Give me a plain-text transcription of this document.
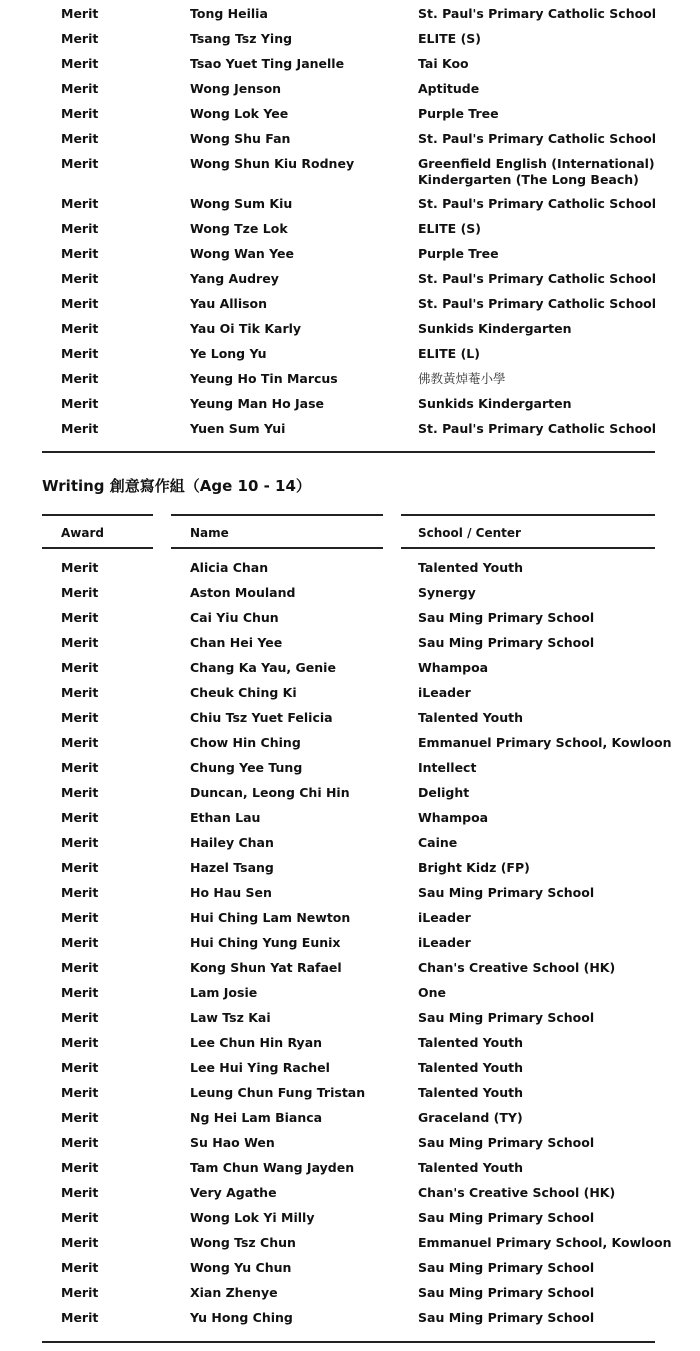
Merit	Tong Heilia	St. Paul's Primary Catholic School
Merit	Tsang Tsz Ying	ELITE (S)
Merit	Tsao Yuet Ting Janelle	Tai Koo
Merit	Wong Jenson	Aptitude
Merit	Wong Lok Yee	Purple Tree
Merit	Wong Shu Fan	St. Paul's Primary Catholic School
Merit	Wong Shun Kiu Rodney	Greenfield English (International) Kindergarten (The Long Beach)
Merit	Wong Sum Kiu	St. Paul's Primary Catholic School
Merit	Wong Tze Lok	ELITE (S)
Merit	Wong Wan Yee	Purple Tree
Merit	Yang Audrey	St. Paul's Primary Catholic School
Merit	Yau Allison	St. Paul's Primary Catholic School
Merit	Yau Oi Tik Karly	Sunkids Kindergarten
Merit	Ye Long Yu	ELITE (L)
Merit	Yeung Ho Tin Marcus	佛教黃焯菴小學
Merit	Yeung Man Ho Jase	Sunkids Kindergarten
Merit	Yuen Sum Yui	St. Paul's Primary Catholic School
Writing 創意寫作組（Age 10 - 14）
Award	Name	School / Center
Merit	Alicia Chan	Talented Youth
Merit	Aston Mouland	Synergy
Merit	Cai Yiu Chun	Sau Ming Primary School
Merit	Chan Hei Yee	Sau Ming Primary School
Merit	Chang Ka Yau, Genie	Whampoa
Merit	Cheuk Ching Ki	iLeader
Merit	Chiu Tsz Yuet Felicia	Talented Youth
Merit	Chow Hin Ching	Emmanuel Primary School, Kowloon
Merit	Chung Yee Tung	Intellect
Merit	Duncan, Leong Chi Hin	Delight
Merit	Ethan Lau	Whampoa
Merit	Hailey Chan	Caine
Merit	Hazel Tsang	Bright Kidz (FP)
Merit	Ho Hau Sen	Sau Ming Primary School
Merit	Hui Ching Lam Newton	iLeader
Merit	Hui Ching Yung Eunix	iLeader
Merit	Kong Shun Yat Rafael	Chan's Creative School (HK)
Merit	Lam Josie	One
Merit	Law Tsz Kai	Sau Ming Primary School
Merit	Lee Chun Hin Ryan	Talented Youth
Merit	Lee Hui Ying Rachel	Talented Youth
Merit	Leung Chun Fung Tristan	Talented Youth
Merit	Ng Hei Lam Bianca	Graceland (TY)
Merit	Su Hao Wen	Sau Ming Primary School
Merit	Tam Chun Wang Jayden	Talented Youth
Merit	Very Agathe	Chan's Creative School (HK)
Merit	Wong Lok Yi Milly	Sau Ming Primary School
Merit	Wong Tsz Chun	Emmanuel Primary School, Kowloon
Merit	Wong Yu Chun	Sau Ming Primary School
Merit	Xian Zhenye	Sau Ming Primary School
Merit	Yu Hong Ching	Sau Ming Primary School
